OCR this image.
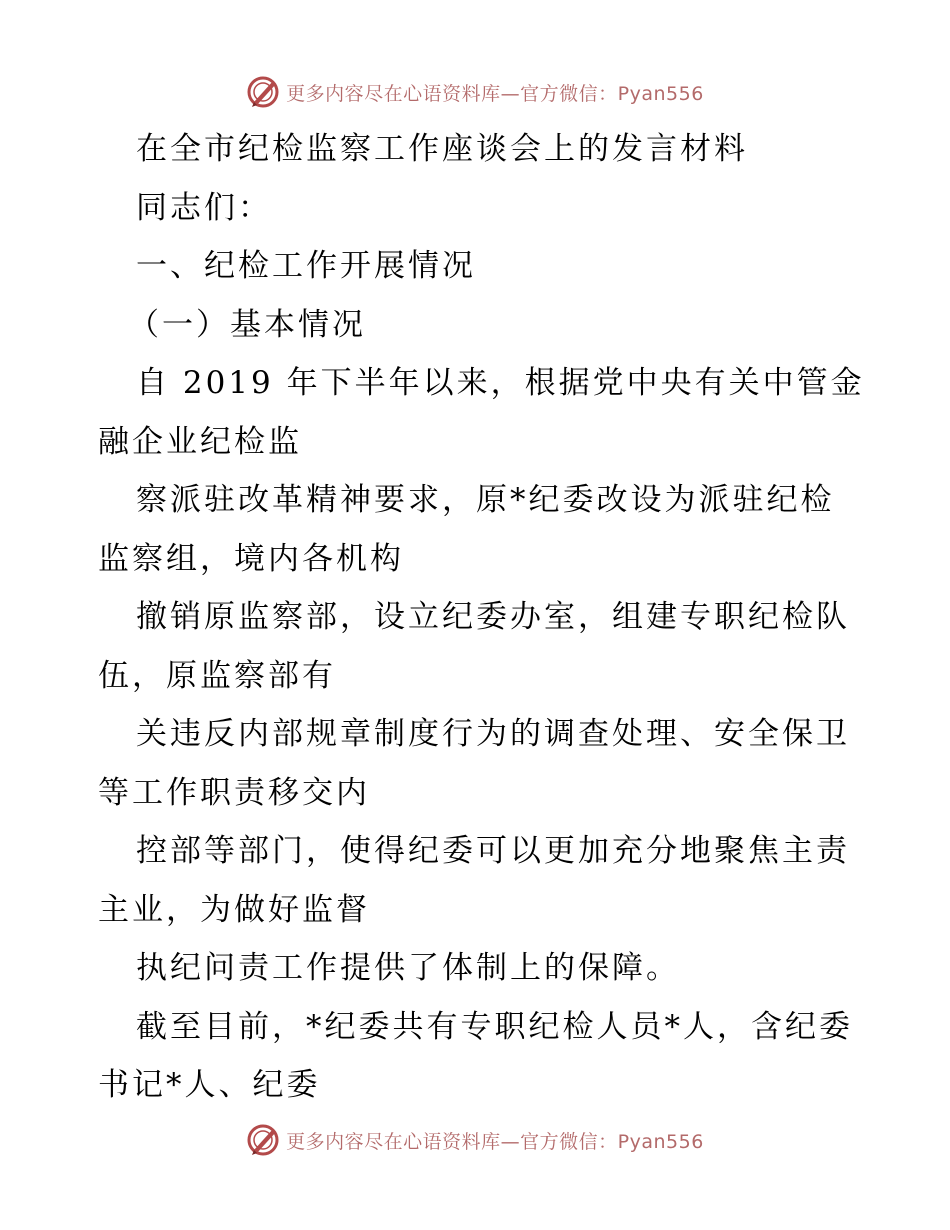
更多内容尽在心语资料库—官方微信：Pyan556
在全市纪检监察工作座谈会上的发言材料
同志们：
一、纪检工作开展情况
（一）基本情况
自 2019 年下半年以来，根据党中央有关中管金
融企业纪检监
察派驻改革精神要求，原*纪委改设为派驻纪检
监察组，境内各机构
撤销原监察部，设立纪委办室，组建专职纪检队
伍，原监察部有
关违反内部规章制度行为的调查处理、安全保卫
等工作职责移交内
控部等部门，使得纪委可以更加充分地聚焦主责
主业，为做好监督
执纪问责工作提供了体制上的保障。
截至目前，*纪委共有专职纪检人员*人，含纪委
书记*人、纪委
更多内容尽在心语资料库—官方微信：Pyan556
